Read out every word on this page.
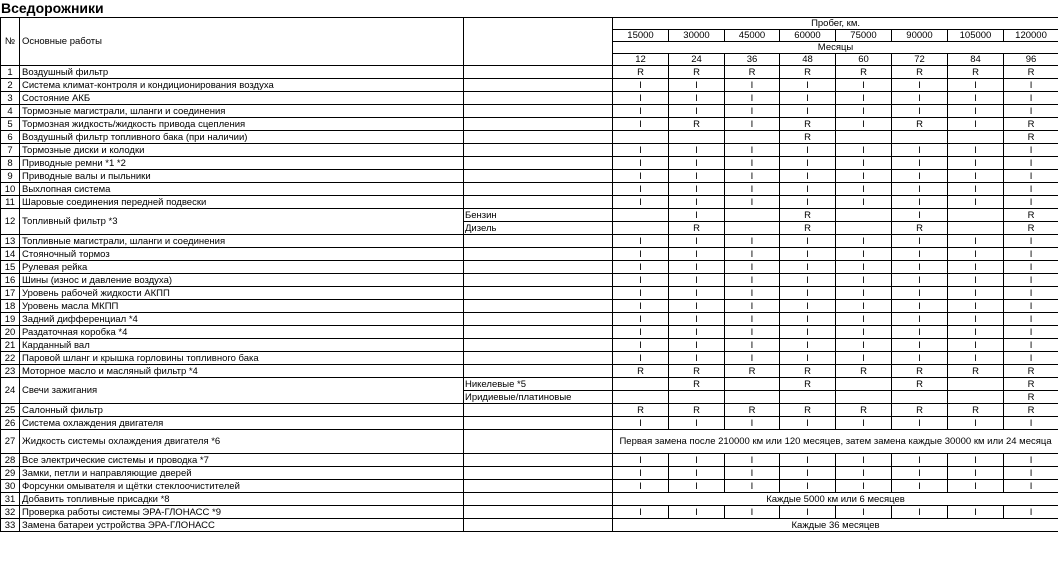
Вседорожники
№	Основные работы		Пробег, км.							
			15000	30000	45000	60000	75000	90000	105000	120000
			Месяцы							
			12	24	36	48	60	72	84	96
1	Воздушный фильтр		R	R	R	R	R	R	R	R
2	Система климат-контроля и кондиционирования воздуха		I	I	I	I	I	I	I	I
3	Состояние АКБ		I	I	I	I	I	I	I	I
4	Тормозные магистрали, шланги и соединения		I	I	I	I	I	I	I	I
5	Тормозная жидкость/жидкость привода сцепления		I	R	I	R	I	R	I	R
6	Воздушный фильтр топливного бака (при наличии)					R				R
7	Тормозные диски и колодки		I	I	I	I	I	I	I	I
8	Приводные ремни *1 *2		I	I	I	I	I	I	I	I
9	Приводные валы и пыльники		I	I	I	I	I	I	I	I
10	Выхлопная система		I	I	I	I	I	I	I	I
11	Шаровые соединения передней подвески		I	I	I	I	I	I	I	I
12	Топливный фильтр *3	Бензин		I		R		I		R
		Дизель		R		R		R		R
13	Топливные магистрали, шланги и соединения		I	I	I	I	I	I	I	I
14	Стояночный тормоз		I	I	I	I	I	I	I	I
15	Рулевая рейка		I	I	I	I	I	I	I	I
16	Шины (износ и давление воздуха)		I	I	I	I	I	I	I	I
17	Уровень рабочей жидкости АКПП		I	I	I	I	I	I	I	I
18	Уровень масла МКПП		I	I	I	I	I	I	I	I
19	Задний дифференциал *4		I	I	I	I	I	I	I	I
20	Раздаточная коробка *4		I	I	I	I	I	I	I	I
21	Карданный вал		I	I	I	I	I	I	I	I
22	Паровой шланг и крышка горловины топливного бака		I	I	I	I	I	I	I	I
23	Моторное масло и масляный фильтр *4		R	R	R	R	R	R	R	R
24	Свечи зажигания	Никелевые *5		R		R		R		R
		Иридиевые/платиновые								R
25	Салонный фильтр		R	R	R	R	R	R	R	R
26	Система охлаждения двигателя		I	I	I	I	I	I	I	I
27	Жидкость системы охлаждения двигателя *6		Первая замена после 210000 км или 120 месяцев, затем замена каждые 30000 км или 24 месяца							
28	Все электрические системы и проводка *7		I	I	I	I	I	I	I	I
29	Замки, петли и направляющие дверей		I	I	I	I	I	I	I	I
30	Форсунки омывателя и щётки стеклоочистителей		I	I	I	I	I	I	I	I
31	Добавить топливные присадки *8		Каждые 5000 км или 6 месяцев							
32	Проверка работы системы ЭРА-ГЛОНАСС *9		I	I	I	I	I	I	I	I
33	Замена батареи устройства ЭРА-ГЛОНАСС		Каждые 36 месяцев							
